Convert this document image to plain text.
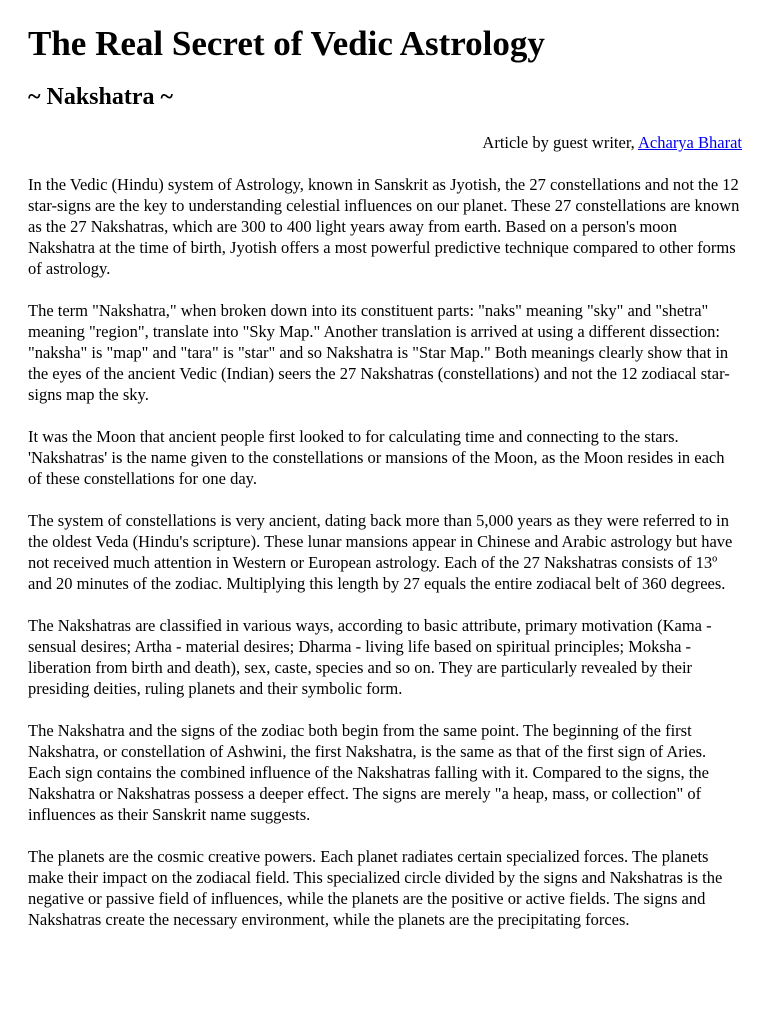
The Real Secret of Vedic Astrology
~ Nakshatra ~
Article by guest writer, Acharya Bharat

In the Vedic (Hindu) system of Astrology, known in Sanskrit as Jyotish, the 27 constellations and not the 12 star-signs are the key to understanding celestial influences on our planet. These 27 constellations are known as the 27 Nakshatras, which are 300 to 400 light years away from earth. Based on a person's moon Nakshatra at the time of birth, Jyotish offers a most powerful predictive technique compared to other forms of astrology.

The term "Nakshatra," when broken down into its constituent parts: "naks" meaning "sky" and "shetra" meaning "region", translate into "Sky Map." Another translation is arrived at using a different dissection: "naksha" is "map" and "tara" is "star" and so Nakshatra is "Star Map." Both meanings clearly show that in the eyes of the ancient Vedic (Indian) seers the 27 Nakshatras (constellations) and not the 12 zodiacal star-signs map the sky.

It was the Moon that ancient people first looked to for calculating time and connecting to the stars. 'Nakshatras' is the name given to the constellations or mansions of the Moon, as the Moon resides in each of these constellations for one day.

The system of constellations is very ancient, dating back more than 5,000 years as they were referred to in the oldest Veda (Hindu's scripture). These lunar mansions appear in Chinese and Arabic astrology but have not received much attention in Western or European astrology. Each of the 27 Nakshatras consists of 13º and 20 minutes of the zodiac. Multiplying this length by 27 equals the entire zodiacal belt of 360 degrees.

The Nakshatras are classified in various ways, according to basic attribute, primary motivation (Kama - sensual desires; Artha - material desires; Dharma - living life based on spiritual principles; Moksha - liberation from birth and death), sex, caste, species and so on. They are particularly revealed by their presiding deities, ruling planets and their symbolic form.

The Nakshatra and the signs of the zodiac both begin from the same point. The beginning of the first Nakshatra, or constellation of Ashwini, the first Nakshatra, is the same as that of the first sign of Aries. Each sign contains the combined influence of the Nakshatras falling with it. Compared to the signs, the Nakshatra or Nakshatras possess a deeper effect. The signs are merely "a heap, mass, or collection" of influences as their Sanskrit name suggests.

The planets are the cosmic creative powers. Each planet radiates certain specialized forces. The planets make their impact on the zodiacal field. This specialized circle divided by the signs and Nakshatras is the negative or passive field of influences, while the planets are the positive or active fields. The signs and Nakshatras create the necessary environment, while the planets are the precipitating forces.
